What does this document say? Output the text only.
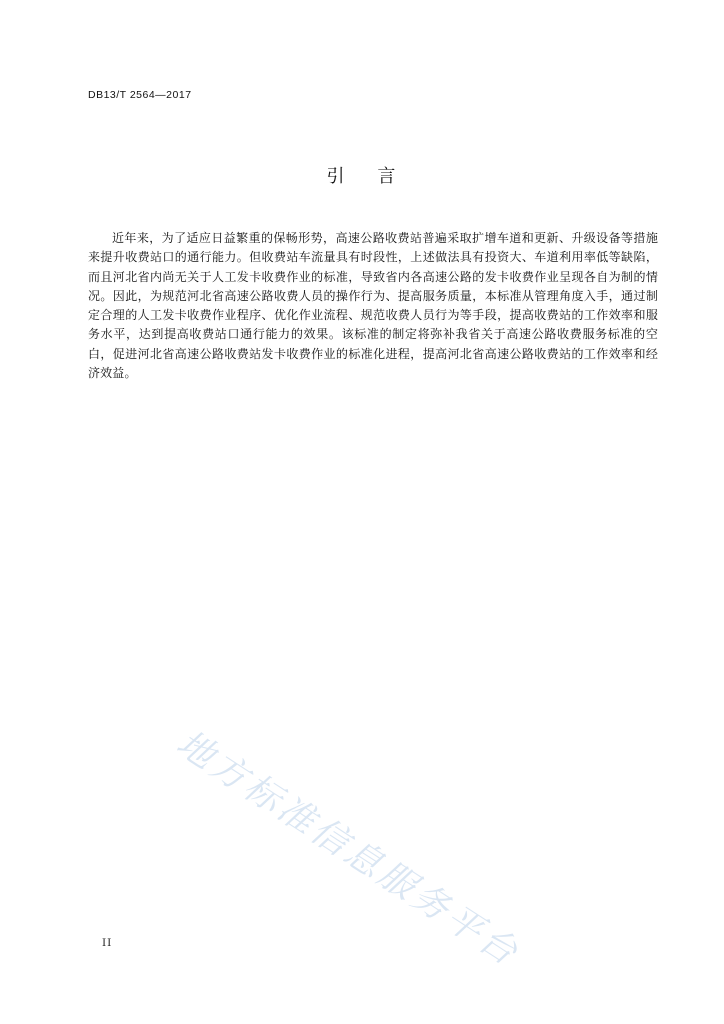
DB13/T 2564—2017
引    言
近年来，为了适应日益繁重的保畅形势，高速公路收费站普遍采取扩增车道和更新、升级设备等措施来提升收费站口的通行能力。但收费站车流量具有时段性，上述做法具有投资大、车道利用率低等缺陷，而且河北省内尚无关于人工发卡收费作业的标准，导致省内各高速公路的发卡收费作业呈现各自为制的情况。因此，为规范河北省高速公路收费人员的操作行为、提高服务质量，本标准从管理角度入手，通过制定合理的人工发卡收费作业程序、优化作业流程、规范收费人员行为等手段，提高收费站的工作效率和服务水平，达到提高收费站口通行能力的效果。该标准的制定将弥补我省关于高速公路收费服务标准的空白，促进河北省高速公路收费站发卡收费作业的标准化进程，提高河北省高速公路收费站的工作效率和经济效益。
地方标准信息服务平台
II
